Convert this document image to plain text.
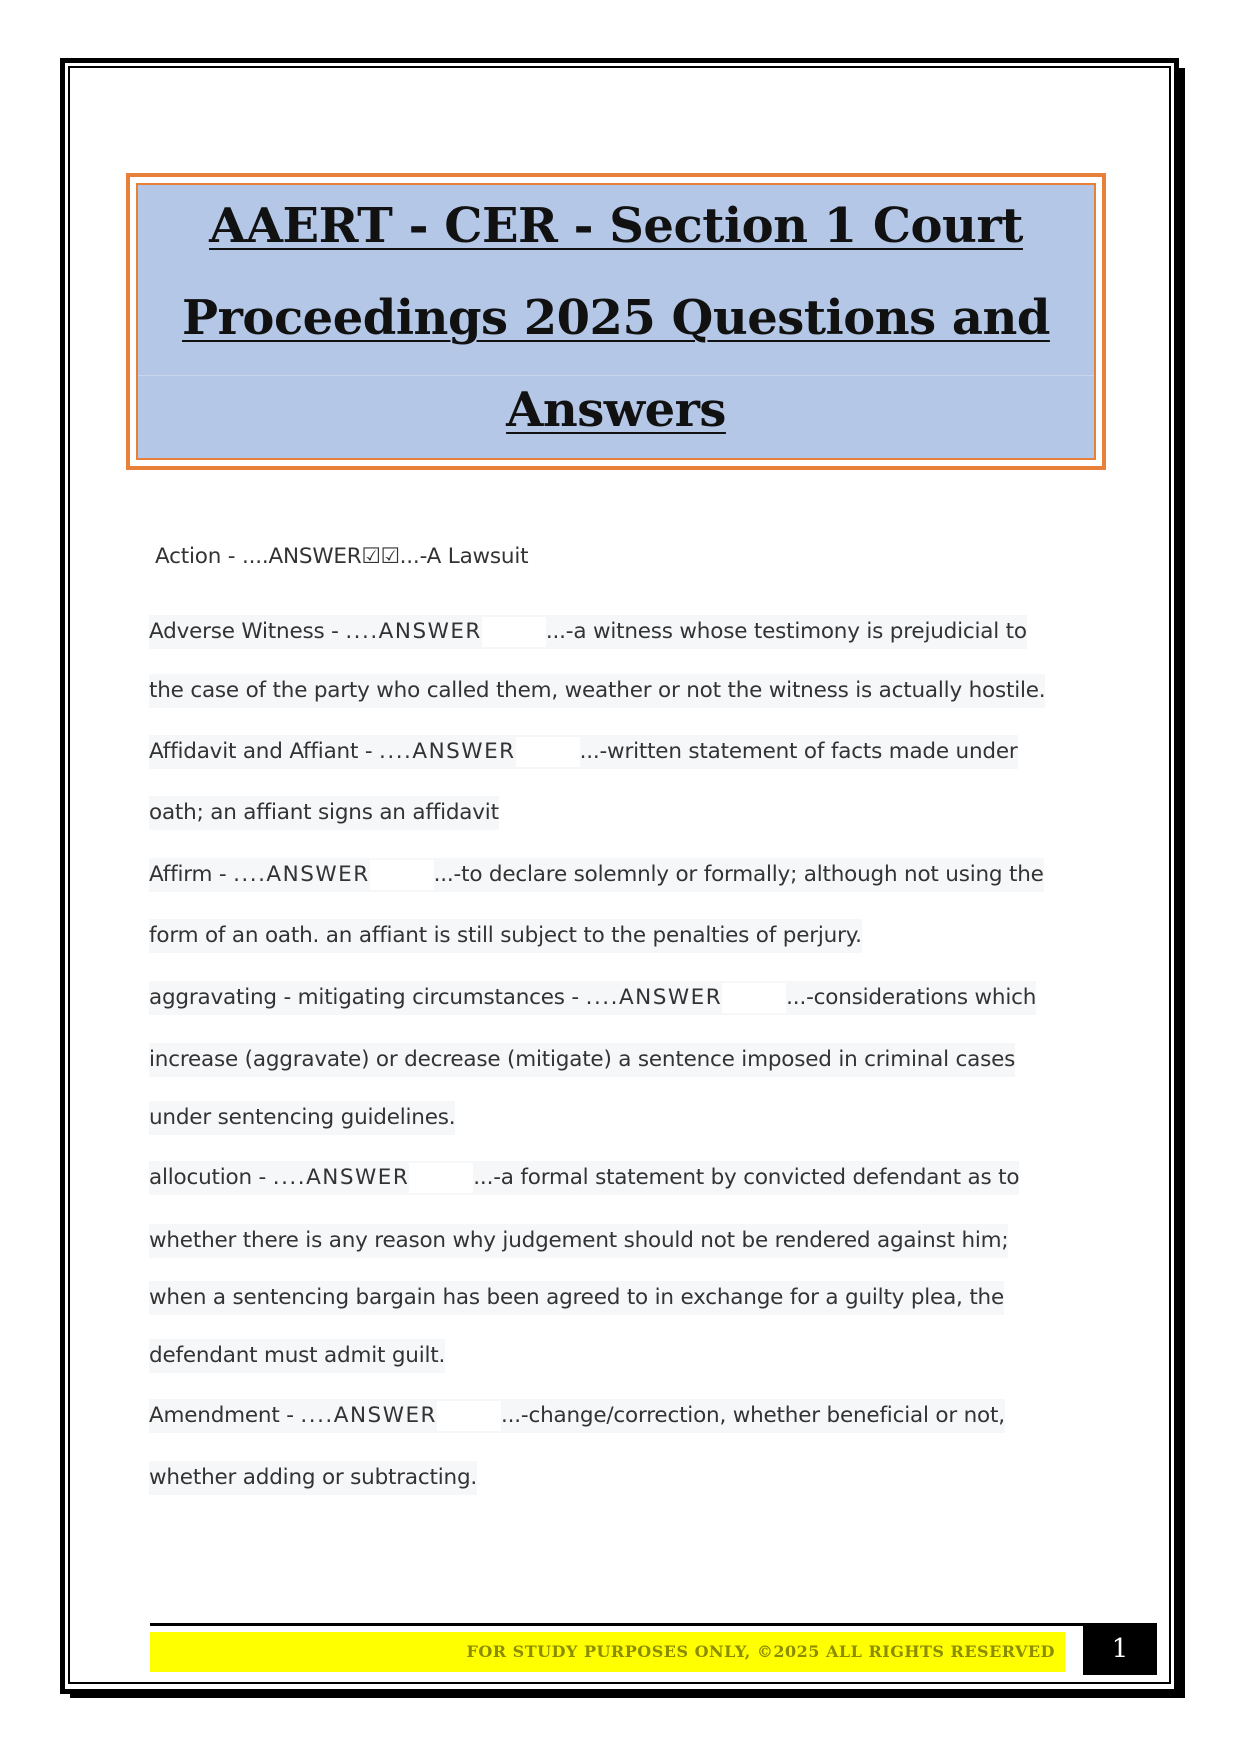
AAERT - CER - Section 1 Court
Proceedings 2025 Questions and
Answers
Action - ....ANSWER☑☑...-A Lawsuit
Adverse Witness - ....ANSWER	...-a witness whose testimony is prejudicial to
the case of the party who called them, weather or not the witness is actually hostile.
Affidavit and Affiant - ....ANSWER	...-written statement of facts made under
oath; an affiant signs an affidavit
Affirm - ....ANSWER	...-to declare solemnly or formally; although not using the
form of an oath. an affiant is still subject to the penalties of perjury.
aggravating - mitigating circumstances - ....ANSWER	...-considerations which
increase (aggravate) or decrease (mitigate) a sentence imposed in criminal cases
under sentencing guidelines.
allocution - ....ANSWER	...-a formal statement by convicted defendant as to
whether there is any reason why judgement should not be rendered against him;
when a sentencing bargain has been agreed to in exchange for a guilty plea, the
defendant must admit guilt.
Amendment - ....ANSWER	...-change/correction, whether beneficial or not,
whether adding or subtracting.
FOR STUDY PURPOSES ONLY, ©2025 ALL RIGHTS RESERVED	1
